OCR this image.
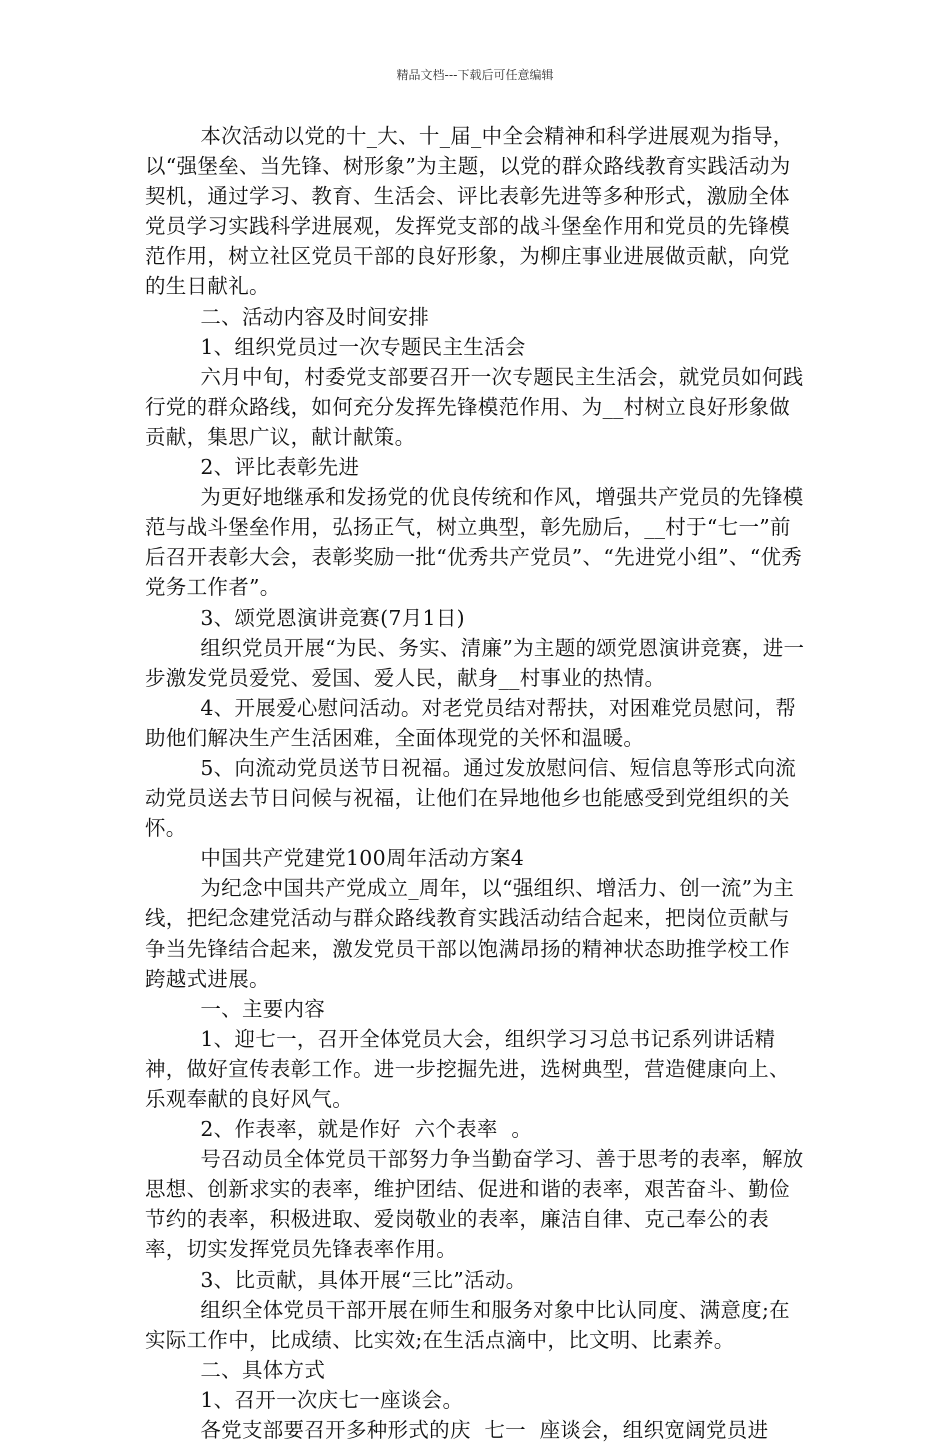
精品文档---下载后可任意编辑

本次活动以党的十_大、十_届_中全会精神和科学进展观为指导，以“强堡垒、当先锋、树形象”为主题，以党的群众路线教育实践活动为契机，通过学习、教育、生活会、评比表彰先进等多种形式，激励全体党员学习实践科学进展观，发挥党支部的战斗堡垒作用和党员的先锋模范作用，树立社区党员干部的良好形象，为柳庄事业进展做贡献，向党的生日献礼。

二、活动内容及时间安排

1、组织党员过一次专题民主生活会

六月中旬，村委党支部要召开一次专题民主生活会，就党员如何践行党的群众路线，如何充分发挥先锋模范作用、为__村树立良好形象做贡献，集思广议，献计献策。

2、评比表彰先进

为更好地继承和发扬党的优良传统和作风，增强共产党员的先锋模范与战斗堡垒作用，弘扬正气，树立典型，彰先励后，__村于“七一”前后召开表彰大会，表彰奖励一批“优秀共产党员”、“先进党小组”、“优秀党务工作者”。

3、颂党恩演讲竞赛(7月1日)

组织党员开展“为民、务实、清廉”为主题的颂党恩演讲竞赛，进一步激发党员爱党、爱国、爱人民，献身__村事业的热情。

4、开展爱心慰问活动。对老党员结对帮扶，对困难党员慰问，帮助他们解决生产生活困难，全面体现党的关怀和温暖。

5、向流动党员送节日祝福。通过发放慰问信、短信息等形式向流动党员送去节日问候与祝福，让他们在异地他乡也能感受到党组织的关怀。

中国共产党建党100周年活动方案4

为纪念中国共产党成立_周年，以“强组织、增活力、创一流”为主线，把纪念建党活动与群众路线教育实践活动结合起来，把岗位贡献与争当先锋结合起来，激发党员干部以饱满昂扬的精神状态助推学校工作跨越式进展。

一、主要内容

1、迎七一，召开全体党员大会，组织学习习总书记系列讲话精神，做好宣传表彰工作。进一步挖掘先进，选树典型，营造健康向上、乐观奉献的良好风气。

2、作表率，就是作好  六个表率  。

号召动员全体党员干部努力争当勤奋学习、善于思考的表率，解放思想、创新求实的表率，维护团结、促进和谐的表率，艰苦奋斗、勤俭节约的表率，积极进取、爱岗敬业的表率，廉洁自律、克己奉公的表率，切实发挥党员先锋表率作用。

3、比贡献，具体开展“三比”活动。

组织全体党员干部开展在师生和服务对象中比认同度、满意度;在实际工作中，比成绩、比实效;在生活点滴中，比文明、比素养。

二、具体方式

1、召开一次庆七一座谈会。

各党支部要召开多种形式的庆  七一  座谈会，组织宽阔党员进
